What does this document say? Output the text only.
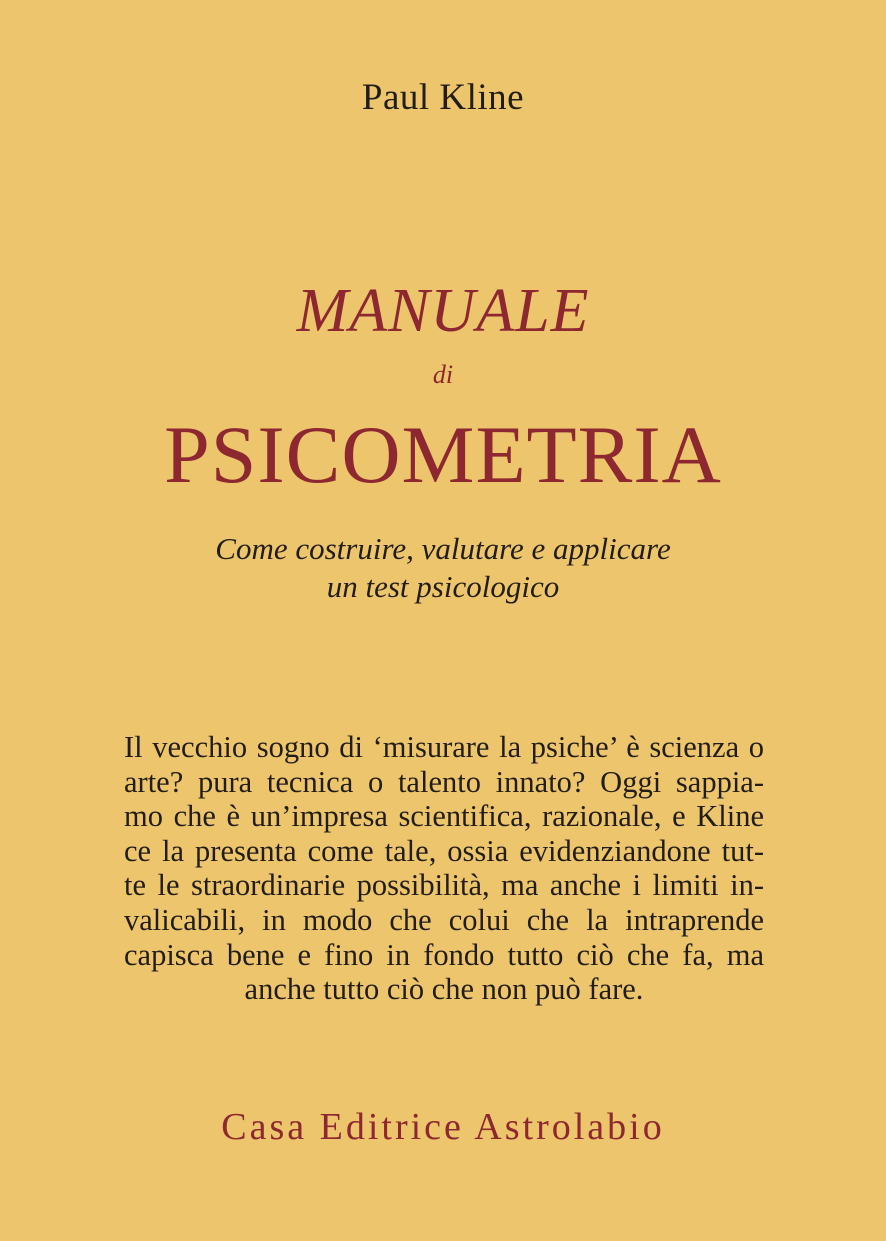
Paul Kline
MANUALE
di
PSICOMETRIA
Come costruire, valutare e applicare
un test psicologico
Il vecchio sogno di ‘misurare la psiche’ è scienza o
arte? pura tecnica o talento innato? Oggi sappia-
mo che è un’impresa scientifica, razionale, e Kline
ce la presenta come tale, ossia evidenziandone tut-
te le straordinarie possibilità, ma anche i limiti in-
valicabili, in modo che colui che la intraprende
capisca bene e fino in fondo tutto ciò che fa, ma
anche tutto ciò che non può fare.
Casa Editrice Astrolabio
